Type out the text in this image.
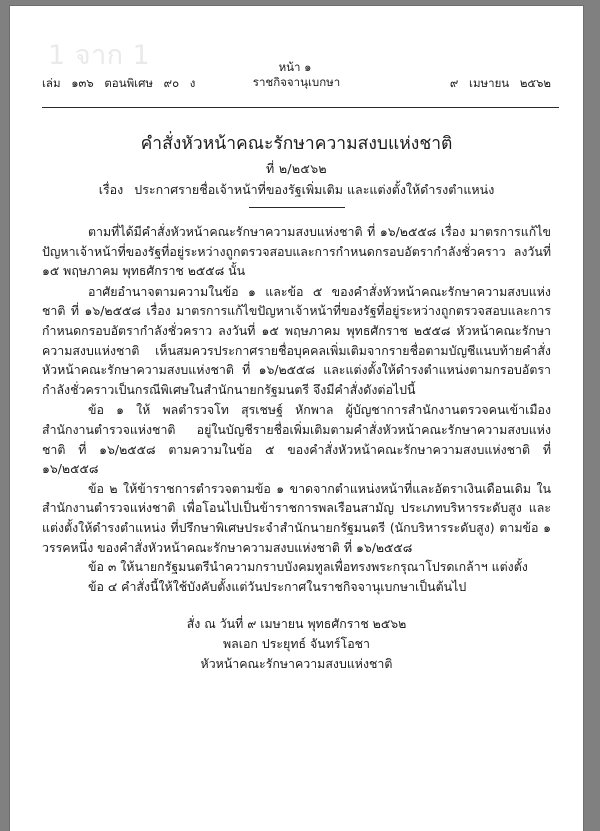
หน้า ๑
ราชกิจจานุเบกษา
เล่ม ๑๓๖ ตอนพิเศษ ๙๐ ง	๙ เมษายน ๒๕๖๒
คำสั่งหัวหน้าคณะรักษาความสงบแห่งชาติ
ที่ ๒/๒๕๖๒
เรื่อง ประกาศรายชื่อเจ้าหน้าที่ของรัฐเพิ่มเติม และแต่งตั้งให้ดำรงตำแหน่ง

ตามที่ได้มีคำสั่งหัวหน้าคณะรักษาความสงบแห่งชาติ ที่ ๑๖/๒๕๕๘ เรื่อง มาตรการแก้ไขปัญหาเจ้าหน้าที่ของรัฐที่อยู่ระหว่างถูกตรวจสอบและการกำหนดกรอบอัตรากำลังชั่วคราว ลงวันที่ ๑๕ พฤษภาคม พุทธศักราช ๒๕๕๘ นั้น

อาศัยอำนาจตามความในข้อ ๑ และข้อ ๕ ของคำสั่งหัวหน้าคณะรักษาความสงบแห่งชาติ ที่ ๑๖/๒๕๕๘ เรื่อง มาตรการแก้ไขปัญหาเจ้าหน้าที่ของรัฐที่อยู่ระหว่างถูกตรวจสอบและการกำหนดกรอบอัตรากำลังชั่วคราว ลงวันที่ ๑๕ พฤษภาคม พุทธศักราช ๒๕๕๘ หัวหน้าคณะรักษาความสงบแห่งชาติ เห็นสมควรประกาศรายชื่อบุคคลเพิ่มเติมจากรายชื่อตามบัญชีแนบท้ายคำสั่งหัวหน้าคณะรักษาความสงบแห่งชาติ ที่ ๑๖/๒๕๕๘ และแต่งตั้งให้ดำรงตำแหน่งตามกรอบอัตรากำลังชั่วคราวเป็นกรณีพิเศษในสำนักนายกรัฐมนตรี จึงมีคำสั่งดังต่อไปนี้

ข้อ ๑ ให้ พลตำรวจโท สุรเชษฐ์ หักพาล ผู้บัญชาการสำนักงานตรวจคนเข้าเมือง สำนักงานตำรวจแห่งชาติ อยู่ในบัญชีรายชื่อเพิ่มเติมตามคำสั่งหัวหน้าคณะรักษาความสงบแห่งชาติ ที่ ๑๖/๒๕๕๘ ตามความในข้อ ๕ ของคำสั่งหัวหน้าคณะรักษาความสงบแห่งชาติ ที่ ๑๖/๒๕๕๘

ข้อ ๒ ให้ข้าราชการตำรวจตามข้อ ๑ ขาดจากตำแหน่งหน้าที่และอัตราเงินเดือนเดิม ในสำนักงานตำรวจแห่งชาติ เพื่อโอนไปเป็นข้าราชการพลเรือนสามัญ ประเภทบริหารระดับสูง และแต่งตั้งให้ดำรงตำแหน่ง ที่ปรึกษาพิเศษประจำสำนักนายกรัฐมนตรี (นักบริหารระดับสูง) ตามข้อ ๑ วรรคหนึ่ง ของคำสั่งหัวหน้าคณะรักษาความสงบแห่งชาติ ที่ ๑๖/๒๕๕๘

ข้อ ๓ ให้นายกรัฐมนตรีนำความกราบบังคมทูลเพื่อทรงพระกรุณาโปรดเกล้าฯ แต่งตั้ง

ข้อ ๔ คำสั่งนี้ให้ใช้บังคับตั้งแต่วันประกาศในราชกิจจานุเบกษาเป็นต้นไป

สั่ง ณ วันที่ ๙ เมษายน พุทธศักราช ๒๕๖๒
พลเอก ประยุทธ์ จันทร์โอชา
หัวหน้าคณะรักษาความสงบแห่งชาติ
1 จาก 1
